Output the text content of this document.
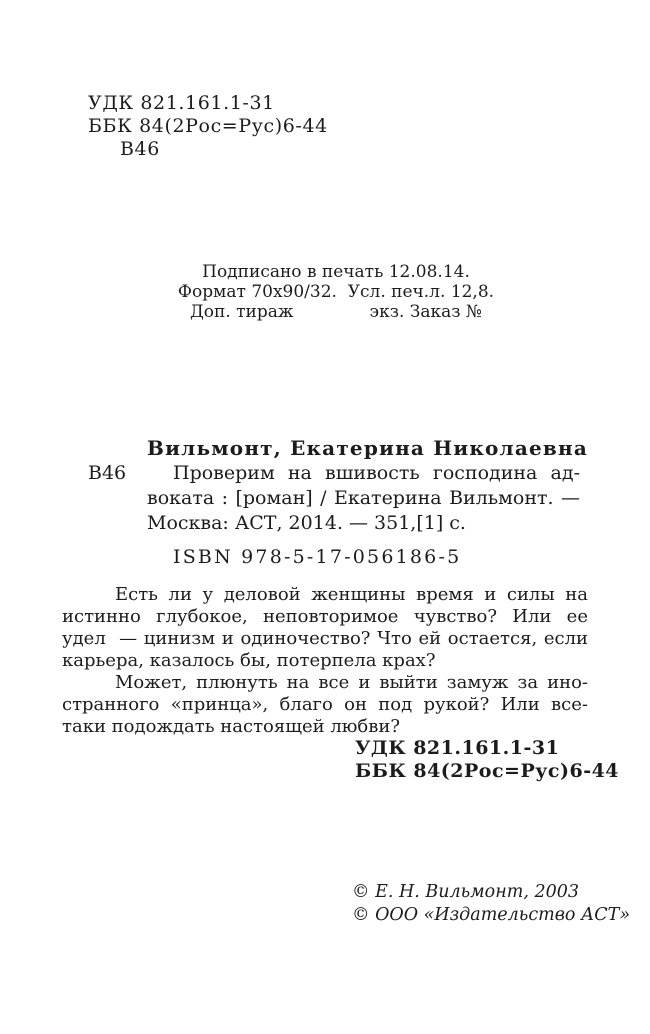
УДК 821.161.1-31
ББК 84(2Рос=Рус)6-44
В46
Подписано в печать 12.08.14.
Формат 70х90/32.  Усл. печ.л. 12,8.
Доп. тираж	экз. Заказ №
Вильмонт, Екатерина Николаевна
В46	Проверим на вшивость господина ад-
воката : [роман] / Екатерина Вильмонт. —
Москва: АСТ, 2014. — 351,[1] с.
ISBN 978-5-17-056186-5
Есть ли у деловой женщины время и силы на
истинно глубокое, неповторимое чувство? Или ее
удел  — цинизм и одиночество? Что ей остается, если
карьера, казалось бы, потерпела крах?
Может, плюнуть на все и выйти замуж за ино-
странного «принца», благо он под рукой? Или все-
таки подождать настоящей любви?
УДК 821.161.1-31
ББК 84(2Рос=Рус)6-44
© Е. Н. Вильмонт, 2003
© ООО «Издательство АСТ»
